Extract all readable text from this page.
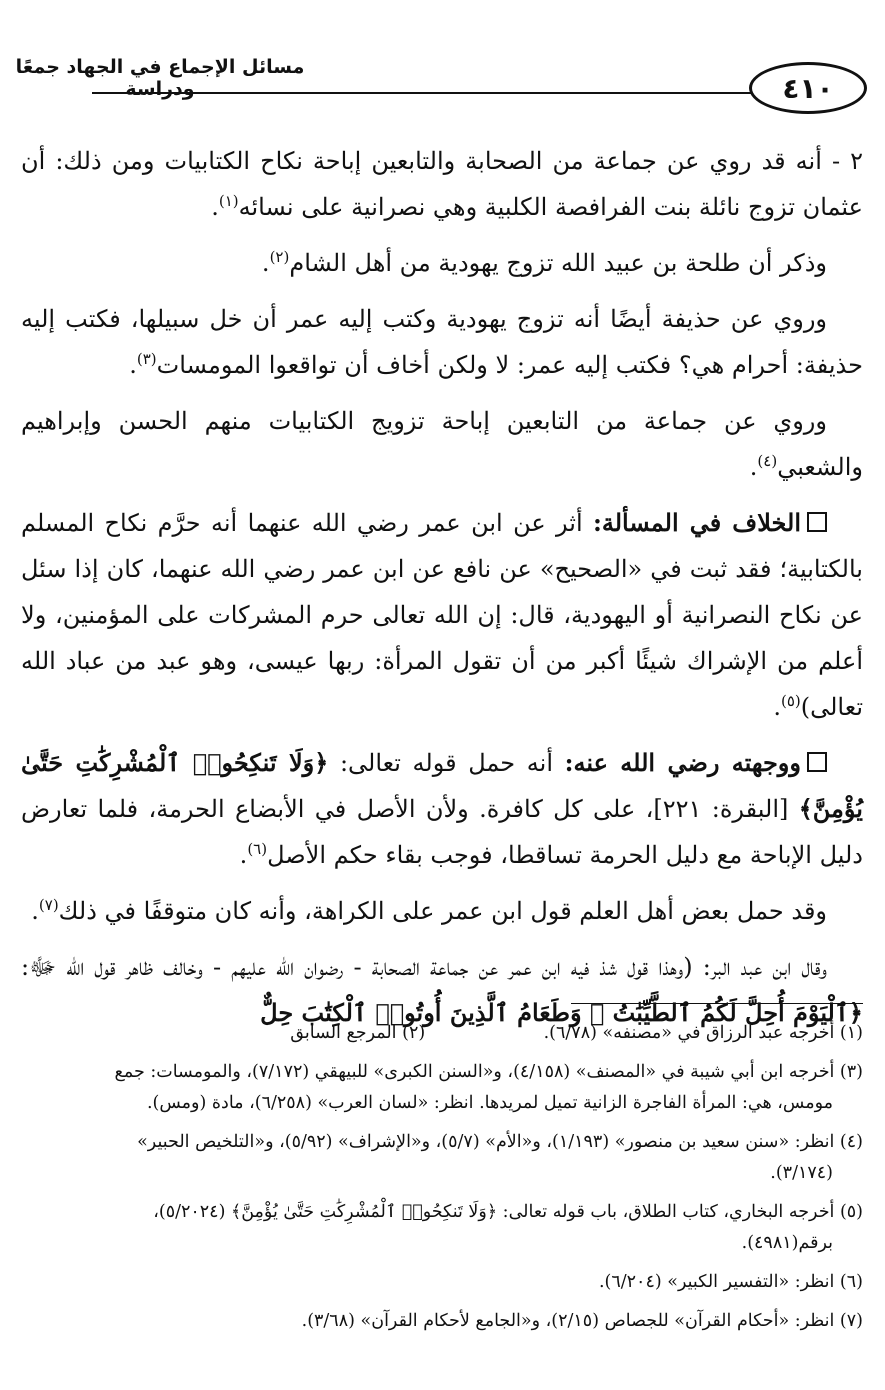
مسائل الإجماع في الجهاد جمعًا ودراسة	٤١٠

٢ - أنه قد روي عن جماعة من الصحابة والتابعين إباحة نكاح الكتابيات ومن ذلك: أن عثمان تزوج نائلة بنت الفرافصة الكلبية وهي نصرانية على نسائه$^{(١)}$.

وذكر أن طلحة بن عبيد الله تزوج يهودية من أهل الشام$^{(٢)}$.

وروي عن حذيفة أيضًا أنه تزوج يهودية وكتب إليه عمر أن خل سبيلها، فكتب إليه حذيفة: أحرام هي؟ فكتب إليه عمر: لا ولكن أخاف أن تواقعوا المومسات$^{(٣)}$.

وروي عن جماعة من التابعين إباحة تزويج الكتابيات منهم الحسن وإبراهيم والشعبي$^{(٤)}$.

الخلاف في المسألة: أثر عن ابن عمر رضي الله عنهما أنه حرَّم نكاح المسلم بالكتابية؛ فقد ثبت في «الصحيح» عن نافع عن ابن عمر رضي الله عنهما، كان إذا سئل عن نكاح النصرانية أو اليهودية، قال: إن الله تعالى حرم المشركات على المؤمنين، ولا أعلم من الإشراك شيئًا أكبر من أن تقول المرأة: ربها عيسى، وهو عبد من عباد الله تعالى)$^{(٥)}$.

ووجهته رضي الله عنه: أنه حمل قوله تعالى: ﴿وَلَا تَنكِحُوا۟ ٱلْمُشْرِكَٰتِ حَتَّىٰ يُؤْمِنَّ﴾ [البقرة: ٢٢١]، على كل كافرة. ولأن الأصل في الأبضاع الحرمة، فلما تعارض دليل الإباحة مع دليل الحرمة تساقطا، فوجب بقاء حكم الأصل$^{(٦)}$.

وقد حمل بعض أهل العلم قول ابن عمر على الكراهة، وأنه كان متوقفًا في ذلك$^{(٧)}$.

وقال ابن عبد البر: (وهذا قول شذ فيه ابن عمر عن جماعة الصحابة - رضوان الله عليهم - وخالف ظاهر قول الله ﷻ: ﴿ٱلْيَوْمَ أُحِلَّ لَكُمُ ٱلطَّيِّبَٰتُ ۖ وَطَعَامُ ٱلَّذِينَ أُوتُوا۟ ٱلْكِتَٰبَ حِلٌّ

(١) أخرجه عبد الرزاق في «مصنفه» (٦/٧٨).
(٢) المرجع السابق
(٣) أخرجه ابن أبي شيبة في «المصنف» (٤/١٥٨)، و«السنن الكبرى» للبيهقي (٧/١٧٢)، والمومسات: جمع
مومس، هي: المرأة الفاجرة الزانية تميل لمريدها. انظر: «لسان العرب» (٦/٢٥٨)، مادة (ومس).
(٤) انظر: «سنن سعيد بن منصور» (١/١٩٣)، و«الأم» (٥/٧)، و«الإشراف» (٥/٩٢)، و«التلخيص الحبير»
(٣/١٧٤).
(٥) أخرجه البخاري، كتاب الطلاق، باب قوله تعالى: ﴿وَلَا تَنكِحُوا۟ ٱلْمُشْرِكَٰتِ حَتَّىٰ يُؤْمِنَّ﴾ (٥/٢٠٢٤)،
برقم(٤٩٨١).
(٦) انظر: «التفسير الكبير» (٦/٢٠٤).
(٧) انظر: «أحكام القرآن» للجصاص (٢/١٥)، و«الجامع لأحكام القرآن» (٣/٦٨).
